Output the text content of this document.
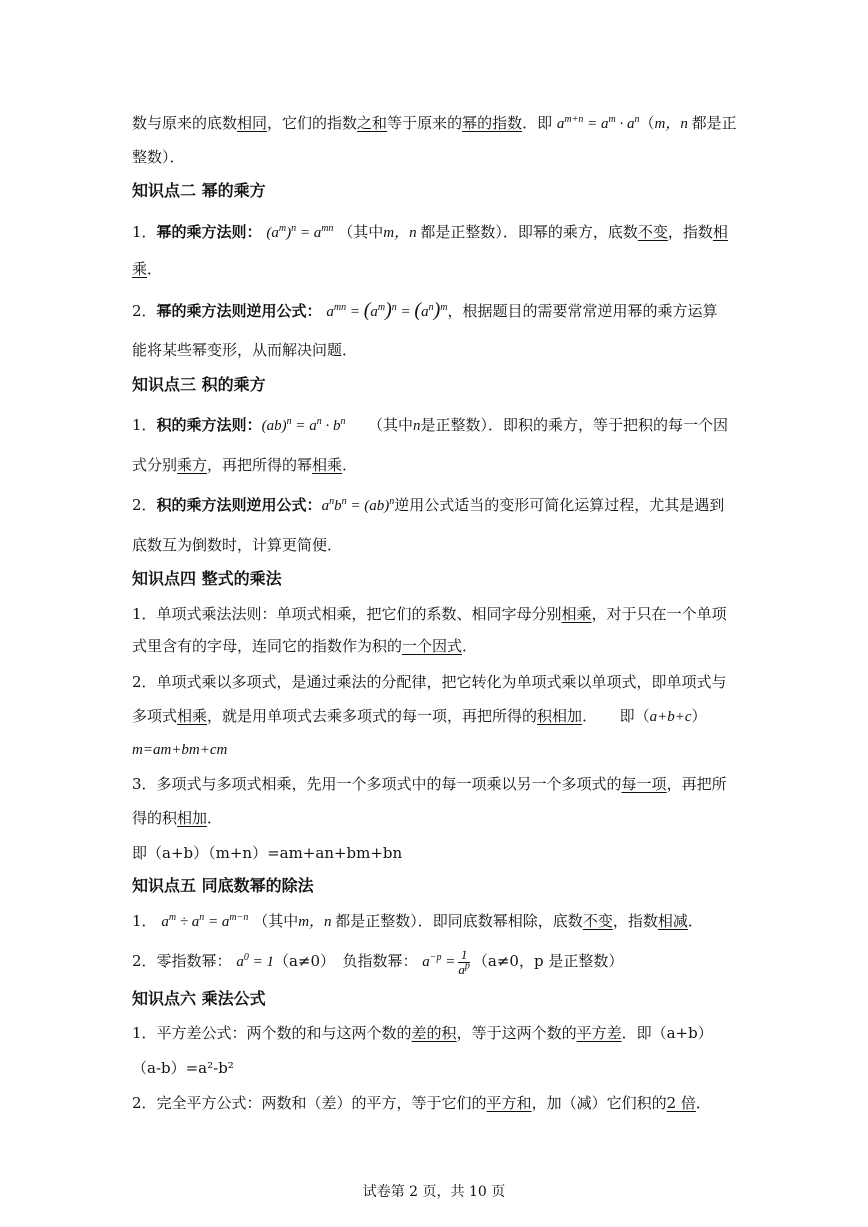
数与原来的底数相同，它们的指数之和等于原来的幂的指数．即 $a^{m+n} = a^m \cdot a^n(m$，n 都是正
整数）．
知识点二 幂的乘方
1．幂的乘方法则： $(a^m)^n = a^{mn}$ （其中m，n 都是正整数）．即幂的乘方，底数不变，指数相
乘．
2．幂的乘方法则逆用公式： $a^{mn} = (a^m)^n = (a^n)^m$，根据题目的需要常常逆用幂的乘方运算
能将某些幂变形，从而解决问题．
知识点三 积的乘方
1．积的乘方法则：$(ab)^n = a^n \cdot b^n$　　 （其中n是正整数）．即积的乘方，等于把积的每一个因
式分别乘方，再把所得的幂相乘．
2．积的乘方法则逆用公式：$a^nb^n = (ab)^n$逆用公式适当的变形可简化运算过程，尤其是遇到
底数互为倒数时，计算更简便．
知识点四 整式的乘法
1．单项式乘法法则：单项式相乘，把它们的系数、相同字母分别相乘，对于只在一个单项
式里含有的字母，连同它的指数作为积的一个因式．
2．单项式乘以多项式，是通过乘法的分配律，把它转化为单项式乘以单项式，即单项式与
多项式相乘，就是用单项式去乘多项式的每一项，再把所得的积相加．　　即（a+b+c）
m=am+bm+cm
3．多项式与多项式相乘，先用一个多项式中的每一项乘以另一个多项式的每一项，再把所
得的积相加．
即（a+b）（m+n）=am+an+bm+bn
知识点五 同底数幂的除法
1． $a^m \div a^n = a^{m-n}$ （其中m，n 都是正整数）．即同底数幂相除，底数不变，指数相减．
2．零指数幂： $a^0 = 1(a\ne 0)$　负指数幂： $a^{-p} = \frac{1}{a^p} (a\ne 0$，p 是正整数）
知识点六 乘法公式
1．平方差公式：两个数的和与这两个数的差的积，等于这两个数的平方差．即（a+b）
（a-b）=a²-b²
2．完全平方公式：两数和（差）的平方，等于它们的平方和，加（减）它们积的2 倍．
试卷第 2 页，共 10 页
